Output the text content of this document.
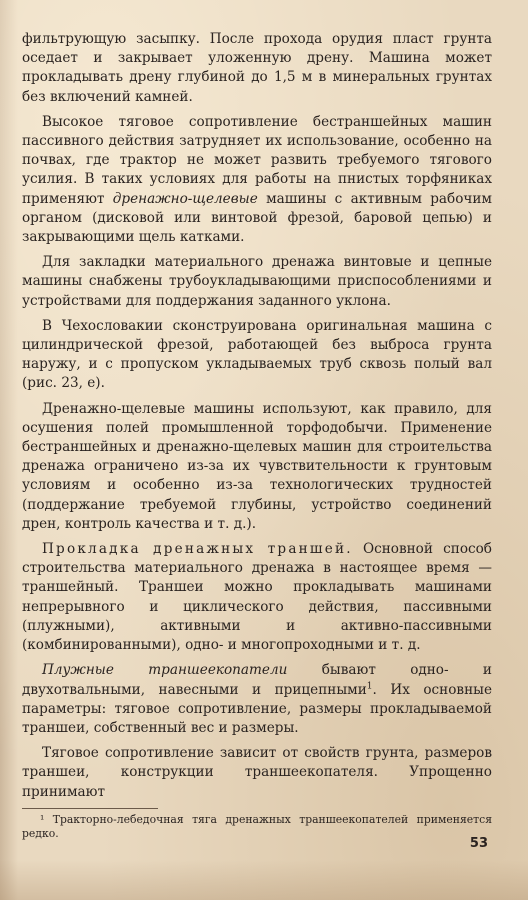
фильтрующую засыпку. После прохода орудия пласт грунта оседает и закрывает уложенную дрену. Машина может прокладывать дрену глубиной до 1,5 м в минеральных грунтах без включений камней.

Высокое тяговое сопротивление бестраншейных машин пассивного действия затрудняет их использование, особенно на почвах, где трактор не может развить требуемого тягового усилия. В таких условиях для работы на пнистых торфяниках применяют дренажно-щелевые машины с активным рабочим органом (дисковой или винтовой фрезой, баровой цепью) и закрывающими щель катками.

Для закладки материального дренажа винтовые и цепные машины снабжены трубоукладывающими приспособлениями и устройствами для поддержания заданного уклона.

В Чехословакии сконструирована оригинальная машина с цилиндрической фрезой, работающей без выброса грунта наружу, и с пропуском укладываемых труб сквозь полый вал (рис. 23, е).

Дренажно-щелевые машины используют, как правило, для осушения полей промышленной торфодобычи. Применение бестраншейных и дренажно-щелевых машин для строительства дренажа ограничено из-за их чувствительности к грунтовым условиям и особенно из-за технологических трудностей (поддержание требуемой глубины, устройство соединений дрен, контроль качества и т. д.).

Прокладка дренажных траншей. Основной способ строительства материального дренажа в настоящее время — траншейный. Траншеи можно прокладывать машинами непрерывного и циклического действия, пассивными (плужными), активными и активно-пассивными (комбинированными), одно- и многопроходными и т. д.

Плужные траншеекопатели	бывают одно- и двухотвальными, навесными и прицепными$^1$. Их основные параметры: тяговое сопротивление, размеры прокладываемой траншеи, собственный вес и размеры.

Тяговое сопротивление зависит от свойств грунта, размеров траншеи, конструкции траншеекопателя. Упрощенно принимают

¹ Тракторно-лебедочная тяга дренажных траншеекопателей применяется редко.

53
